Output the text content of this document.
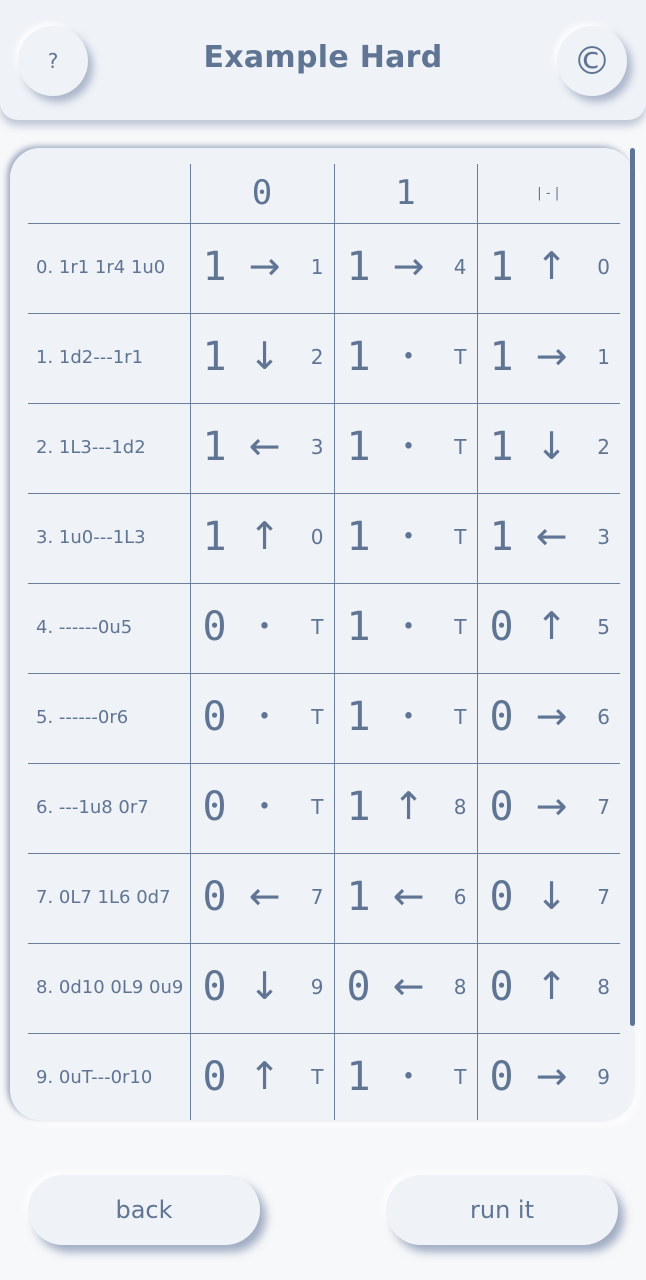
?	Example Hard	©
	0	1	|-|
0. 1r1 1r4 1u0	1 → 1	1 → 4	1 ↑ 0

1. 1d2---1r1	1 ↓ 2	1 • T	1 → 1

2. 1L3---1d2	1 ← 3	1 • T	1 ↓ 2

3. 1u0---1L3	1 ↑ 0	1 • T	1 ← 3

4. ------0u5	0 • T	1 • T	0 ↑ 5

5. ------0r6	0 • T	1 • T	0 → 6

6. ---1u8 0r7	0 • T	1 ↑ 8	0 → 7

7. 0L7 1L6 0d7	0 ← 7	1 ← 6	0 ↓ 7

8. 0d10 0L9 0u9	0 ↓ 9	0 ← 8	0 ↑ 8

9. 0uT---0r10	0 ↑ T	1 • T	0 → 9
back	run it
